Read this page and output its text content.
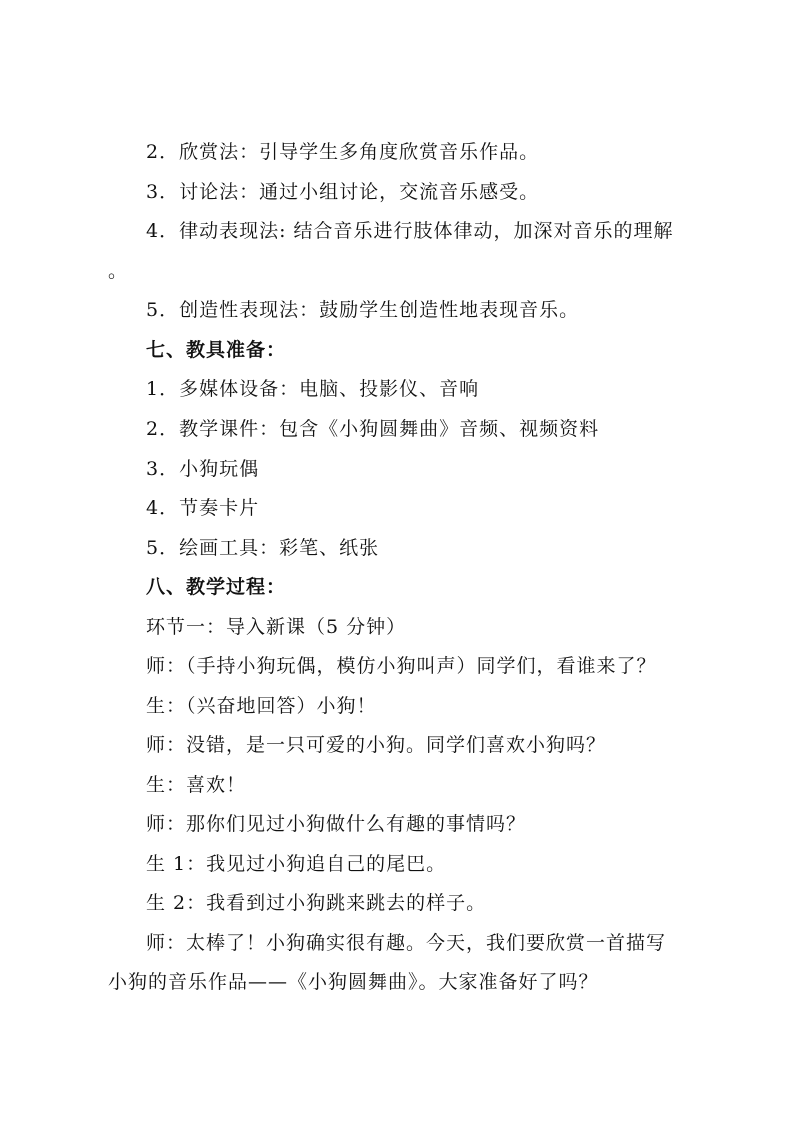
2．欣赏法：引导学生多角度欣赏音乐作品。
3．讨论法：通过小组讨论，交流音乐感受。
4．律动表现法: 结合音乐进行肢体律动，加深对音乐的理解
。
5．创造性表现法：鼓励学生创造性地表现音乐。
七、教具准备：
1．多媒体设备：电脑、投影仪、音响
2．教学课件：包含《小狗圆舞曲》音频、视频资料
3．小狗玩偶
4．节奏卡片
5．绘画工具：彩笔、纸张
八、教学过程：
环节一：导入新课（5 分钟）
师：（手持小狗玩偶，模仿小狗叫声）同学们，看谁来了？
生：（兴奋地回答）小狗！
师：没错，是一只可爱的小狗。同学们喜欢小狗吗？
生：喜欢！
师：那你们见过小狗做什么有趣的事情吗？
生 1：我见过小狗追自己的尾巴。
生 2：我看到过小狗跳来跳去的样子。
师：太棒了！小狗确实很有趣。今天，我们要欣赏一首描写
小狗的音乐作品——《小狗圆舞曲》。大家准备好了吗？
